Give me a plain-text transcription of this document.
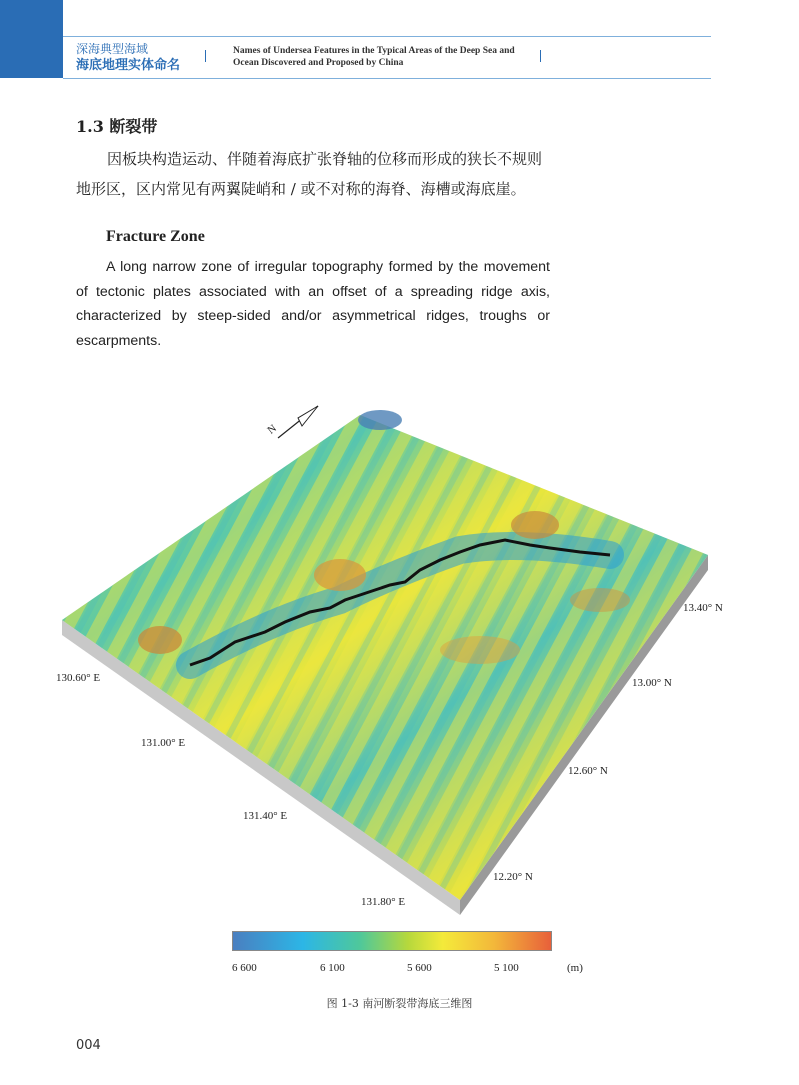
深海典型海域
海底地理实体命名
Names of Undersea Features in the Typical Areas of the Deep Sea and
Ocean Discovered and Proposed by China
1.3 断裂带
因板块构造运动、伴随着海底扩张脊轴的位移而形成的狭长不规则地形区，区内常见有两翼陡峭和 / 或不对称的海脊、海槽或海底崖。
Fracture Zone
A long narrow zone of irregular topography formed by the movement of tectonic plates associated with an offset of a spreading ridge axis, characterized by steep-sided and/or asymmetrical ridges, troughs or escarpments.
N
130.60° E
131.00° E
131.40° E
131.80° E
13.40° N
13.00° N
12.60° N
12.20° N
6 600	6 100	5 600	5 100	(m)
图 1-3 南河断裂带海底三维图
004
